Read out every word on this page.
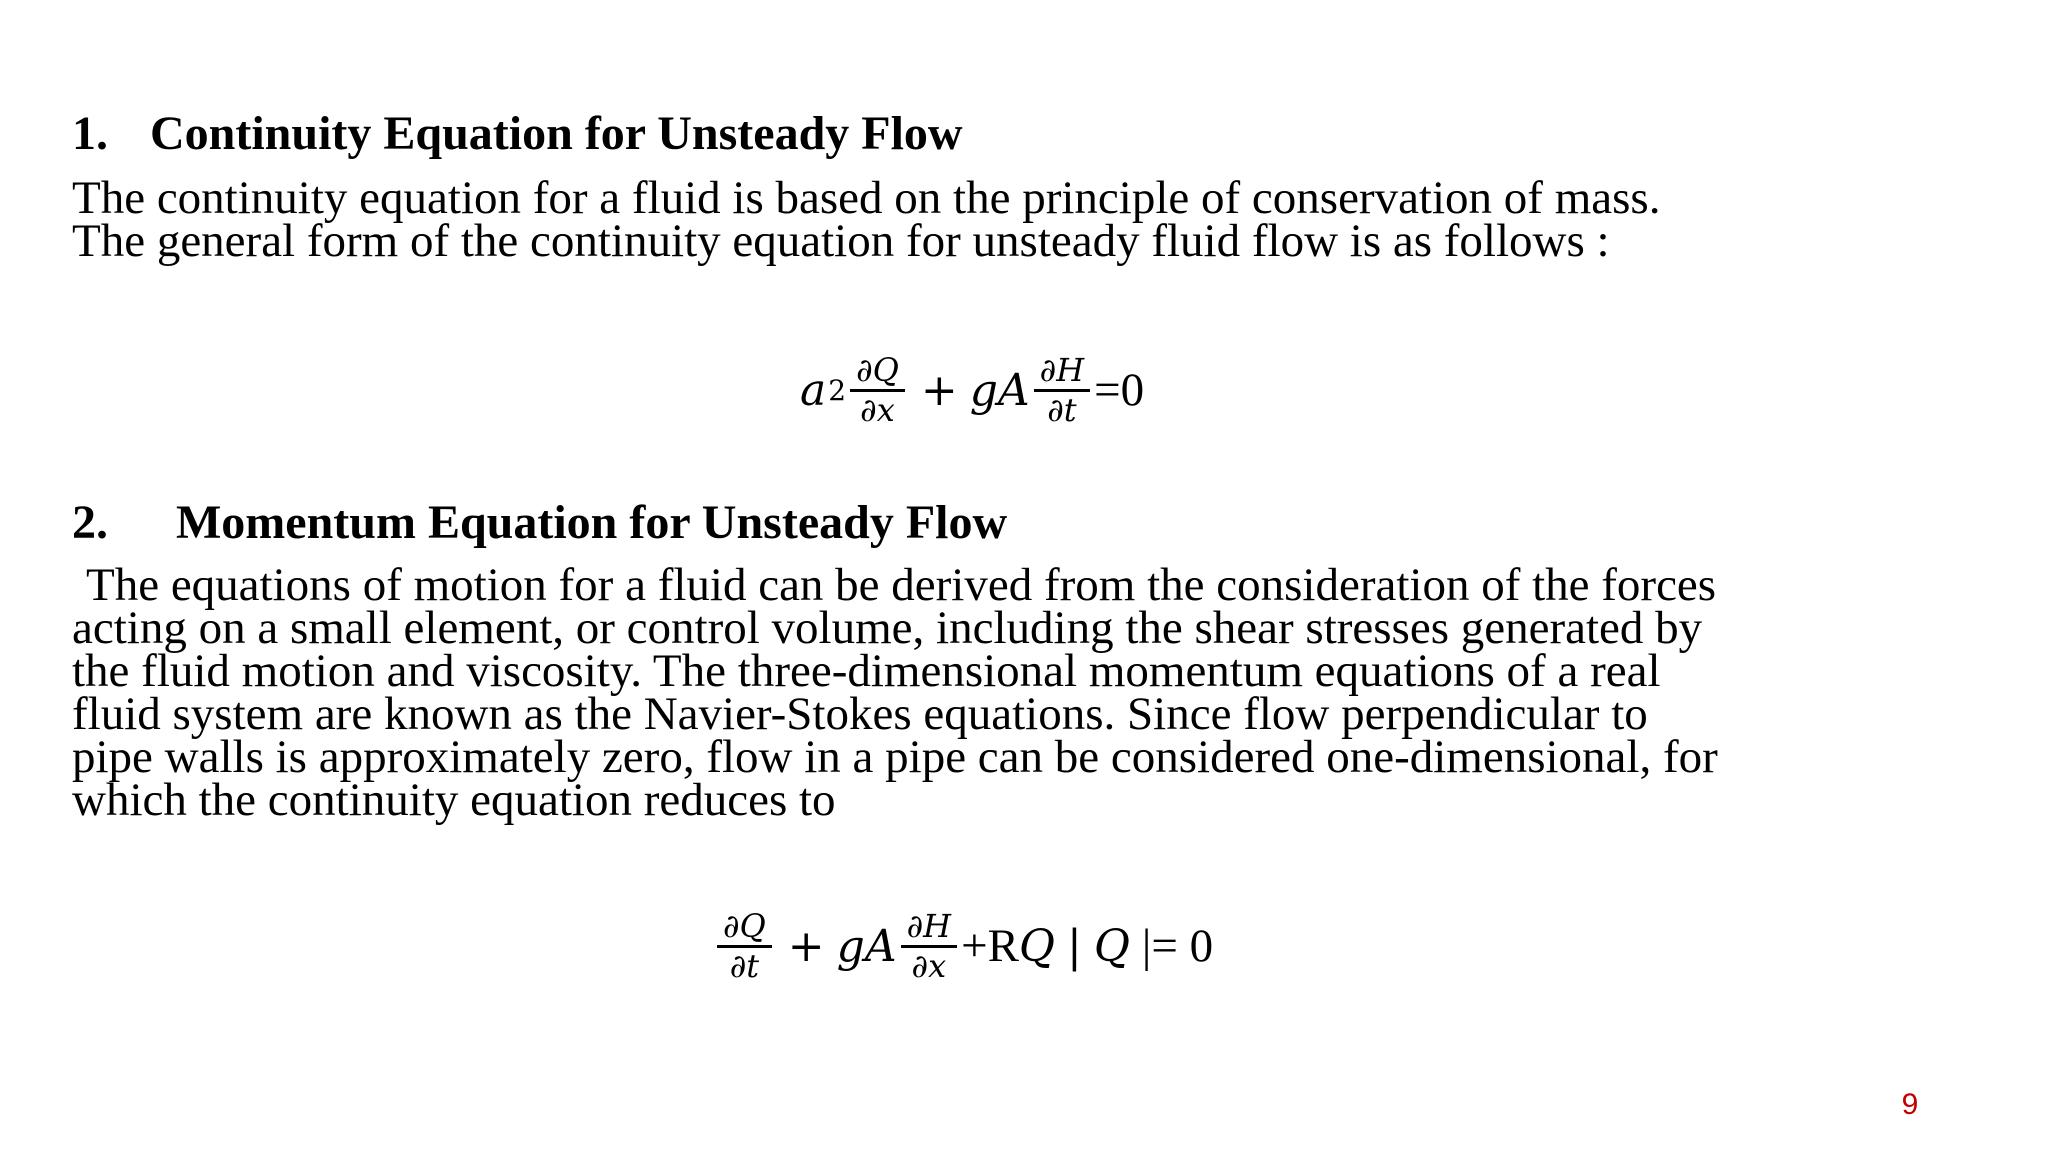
1. Continuity Equation for Unsteady Flow
The continuity equation for a fluid is based on the principle of conservation of mass.
The general form of the continuity equation for unsteady fluid flow is as follows :
a $2 \frac{\partial Q}{\partial x}$ + gA $\frac{\partial H}{\partial t} =0$
2. Momentum Equation for Unsteady Flow
The equations of motion for a fluid can be derived from the consideration of the forces
acting on a small element, or control volume, including the shear stresses generated by
the fluid motion and viscosity. The three-dimensional momentum equations of a real
fluid system are known as the Navier-Stokes equations. Since flow perpendicular to
pipe walls is approximately zero, flow in a pipe can be considered one-dimensional, for
which the continuity equation reduces to
$\frac{\partial Q}{\partial t}$ + gA $\frac{\partial H}{\partial x} +R$ Q | Q |= 0
9
